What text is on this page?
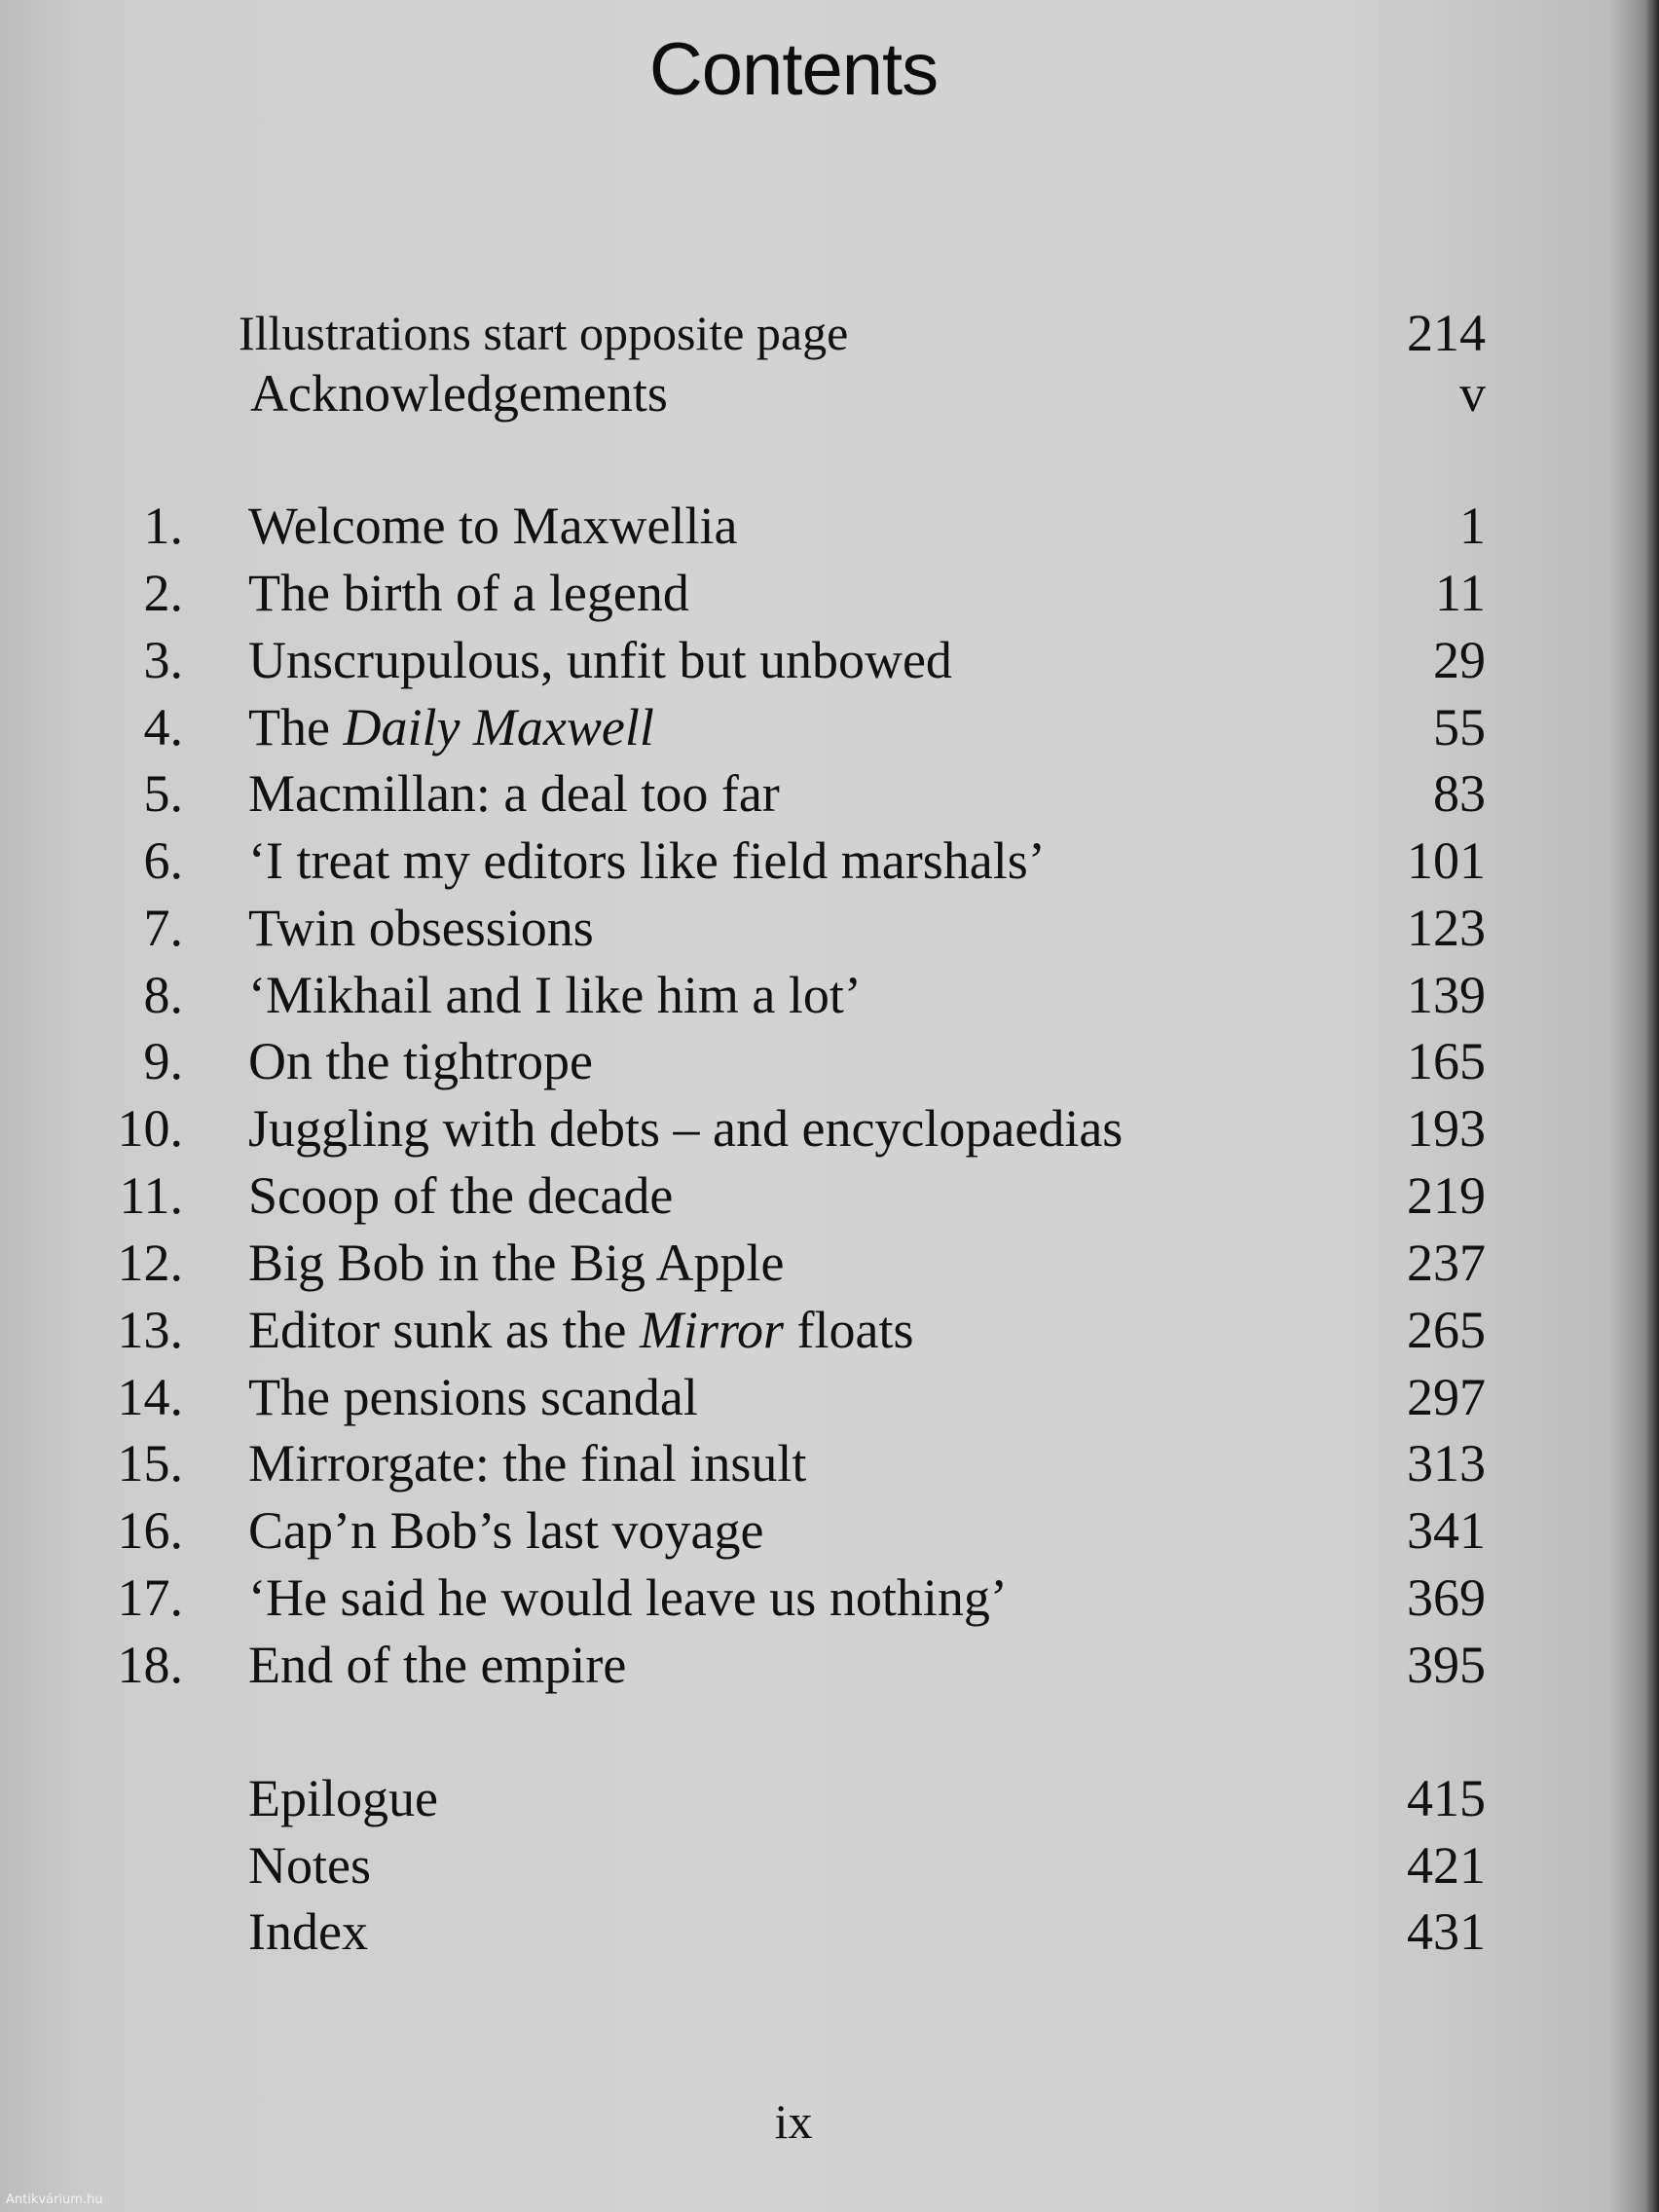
Contents
Illustrations start opposite page	214
Acknowledgements	v
1. Welcome to Maxwellia	1
2. The birth of a legend	11
3. Unscrupulous, unfit but unbowed	29
4. The Daily Maxwell	55
5. Macmillan: a deal too far	83
6. ‘I treat my editors like field marshals’	101
7. Twin obsessions	123
8. ‘Mikhail and I like him a lot’	139
9. On the tightrope	165
10. Juggling with debts – and encyclopaedias	193
11. Scoop of the decade	219
12. Big Bob in the Big Apple	237
13. Editor sunk as the Mirror floats	265
14. The pensions scandal	297
15. Mirrorgate: the final insult	313
16. Cap’n Bob’s last voyage	341
17. ‘He said he would leave us nothing’	369
18. End of the empire	395
Epilogue	415
Notes	421
Index	431
ix
Antikvárium.hu
